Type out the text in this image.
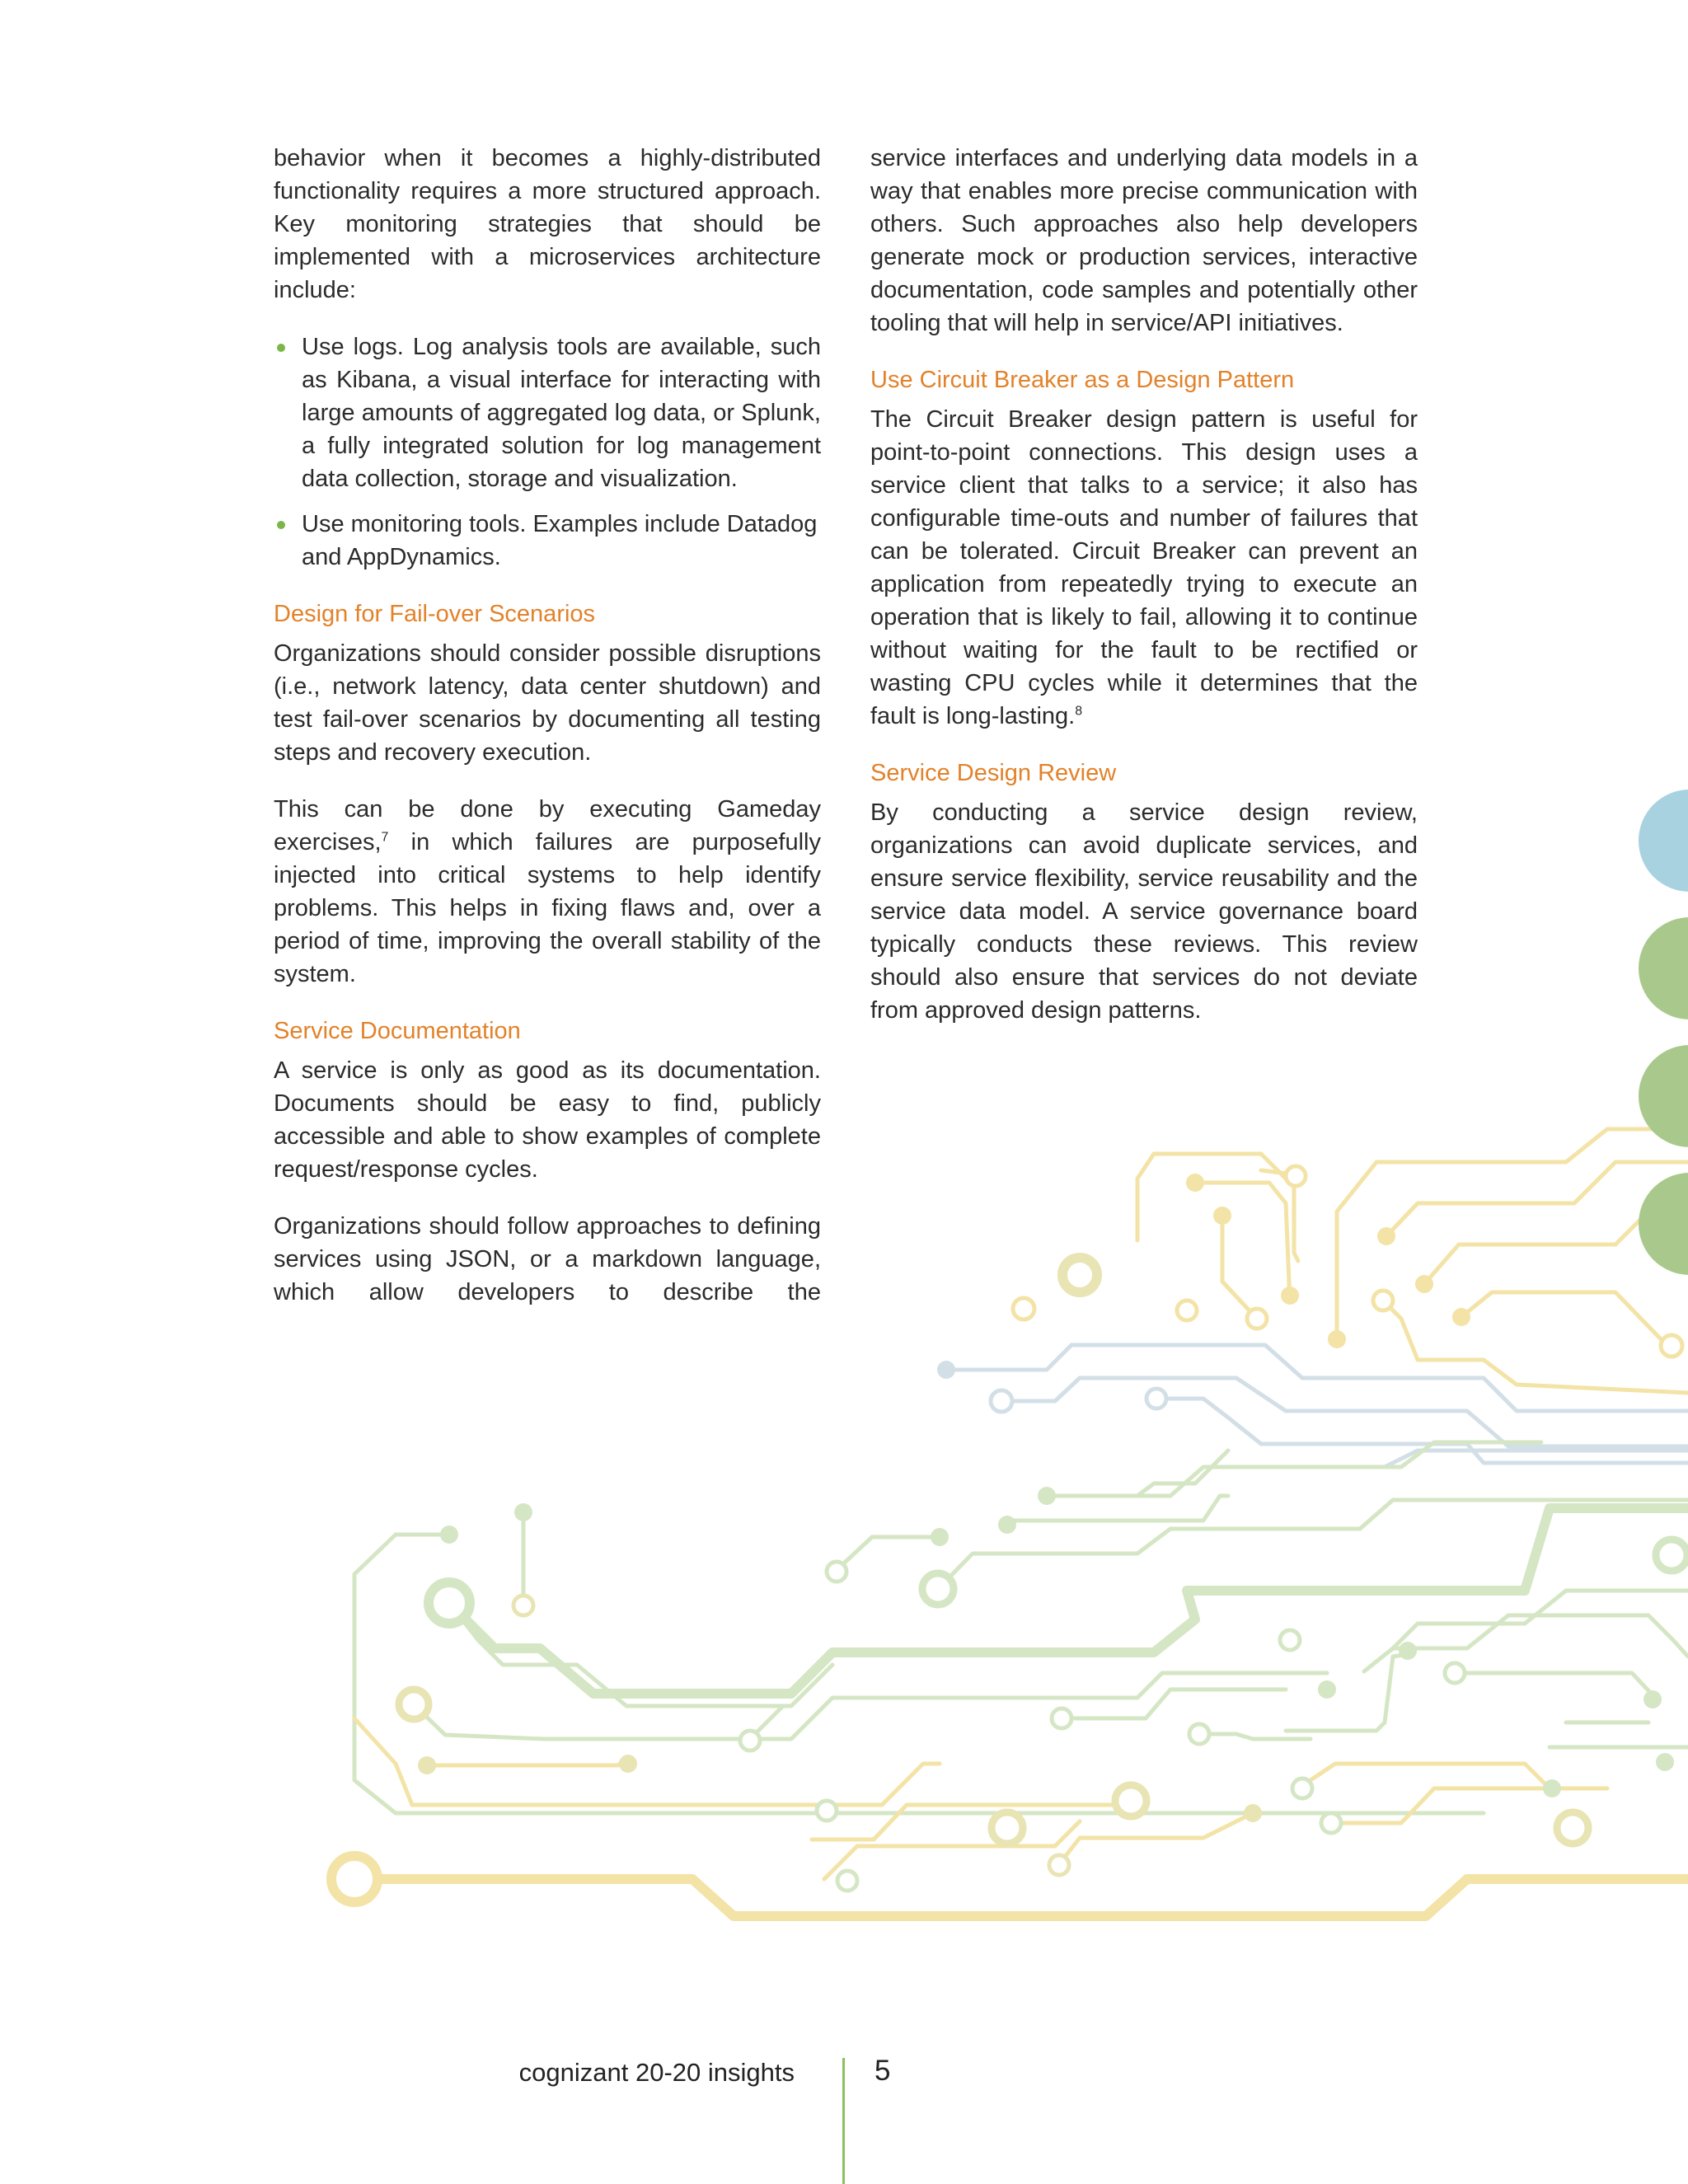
behavior when it becomes a highly-distributed functionality requires a more structured approach. Key monitoring strategies that should be implemented with a microservices architecture include:

Use logs. Log analysis tools are available, such as Kibana, a visual interface for interacting with large amounts of aggregated log data, or Splunk, a fully integrated solution for log management data collection, storage and visualization.
Use monitoring tools. Examples include Datadog and AppDynamics.
Design for Fail-over Scenarios

Organizations should consider possible disruptions (i.e., network latency, data center shutdown) and test fail-over scenarios by documenting all testing steps and recovery execution.

This can be done by executing Gameday exercises,$^7$ in which failures are purposefully injected into critical systems to help identify problems. This helps in fixing flaws and, over a period of time, improving the overall stability of the system.

Service Documentation

A service is only as good as its documentation. Documents should be easy to find, publicly accessible and able to show examples of complete request/response cycles.

Organizations should follow approaches to defining services using JSON, or a markdown language, which allow developers to describe the

service interfaces and underlying data models in a way that enables more precise communication with others. Such approaches also help developers generate mock or production services, interactive documentation, code samples and potentially other tooling that will help in service/API initiatives.

Use Circuit Breaker as a Design Pattern

The Circuit Breaker design pattern is useful for point-to-point connections. This design uses a service client that talks to a service; it also has configurable time-outs and number of failures that can be tolerated. Circuit Breaker can prevent an application from repeatedly trying to execute an operation that is likely to fail, allowing it to continue without waiting for the fault to be rectified or wasting CPU cycles while it determines that the fault is long-lasting.$^8$

Service Design Review

By conducting a service design review, organizations can avoid duplicate services, and ensure service flexibility, service reusability and the service data model. A service governance board typically conducts these reviews. This review should also ensure that services do not deviate from approved design patterns.

cognizant 20-20 insights	5
